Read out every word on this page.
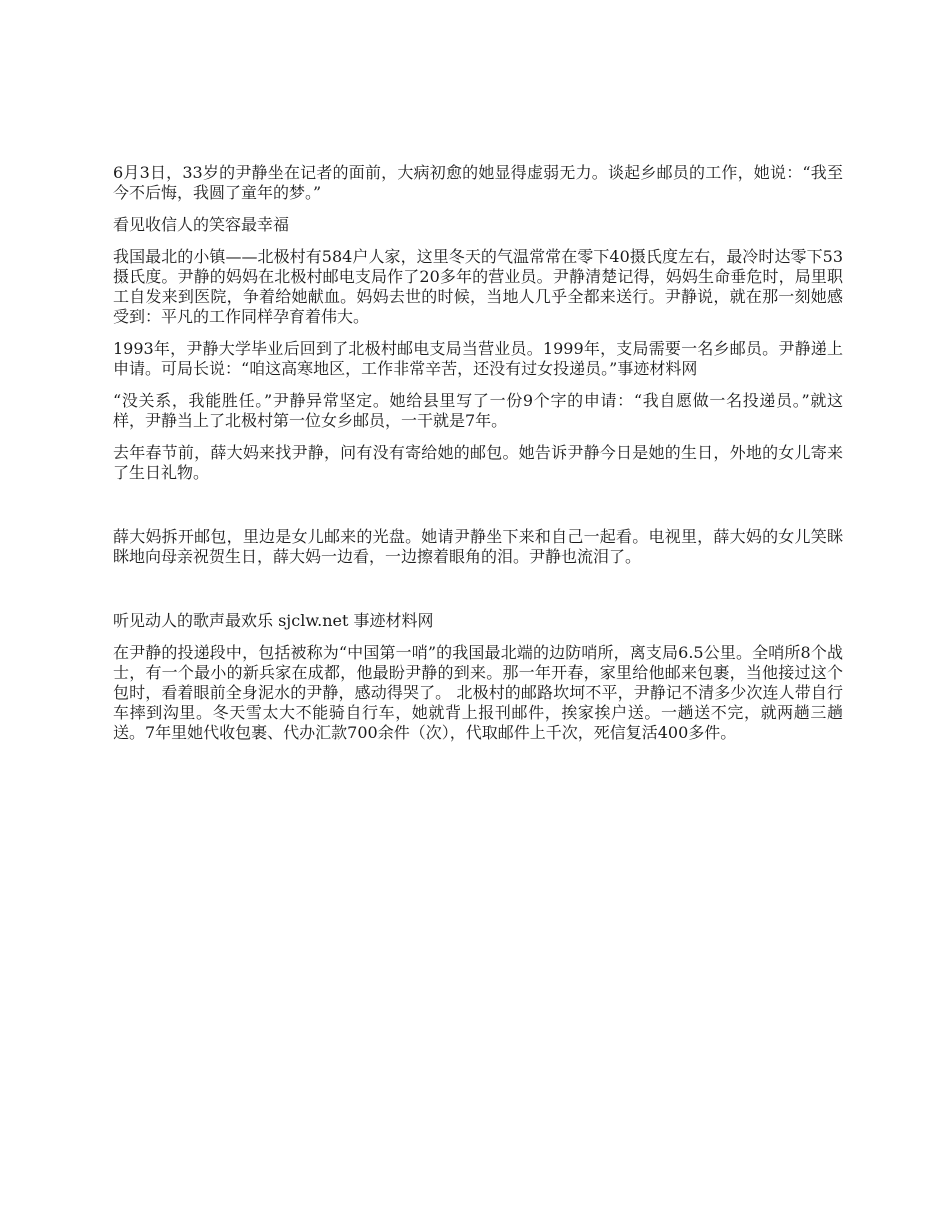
6月3日，33岁的尹静坐在记者的面前，大病初愈的她显得虚弱无力。谈起乡邮员的工作，她说：“我至今不后悔，我圆了童年的梦。”

看见收信人的笑容最幸福

我国最北的小镇——北极村有584户人家，这里冬天的气温常常在零下40摄氏度左右，最冷时达零下53摄氏度。尹静的妈妈在北极村邮电支局作了20多年的营业员。尹静清楚记得，妈妈生命垂危时，局里职工自发来到医院，争着给她献血。妈妈去世的时候，当地人几乎全都来送行。尹静说，就在那一刻她感受到：平凡的工作同样孕育着伟大。

1993年，尹静大学毕业后回到了北极村邮电支局当营业员。1999年，支局需要一名乡邮员。尹静递上申请。可局长说：“咱这高寒地区，工作非常辛苦，还没有过女投递员。”事迹材料网

“没关系，我能胜任。”尹静异常坚定。她给县里写了一份9个字的申请：“我自愿做一名投递员。”就这样，尹静当上了北极村第一位女乡邮员，一干就是7年。

去年春节前，薛大妈来找尹静，问有没有寄给她的邮包。她告诉尹静今日是她的生日，外地的女儿寄来了生日礼物。

薛大妈拆开邮包，里边是女儿邮来的光盘。她请尹静坐下来和自己一起看。电视里，薛大妈的女儿笑眯眯地向母亲祝贺生日，薛大妈一边看，一边擦着眼角的泪。尹静也流泪了。

听见动人的歌声最欢乐 sjclw.net 事迹材料网

在尹静的投递段中，包括被称为“中国第一哨”的我国最北端的边防哨所，离支局6.5公里。全哨所8个战士，有一个最小的新兵家在成都，他最盼尹静的到来。那一年开春，家里给他邮来包裹，当他接过这个包时，看着眼前全身泥水的尹静，感动得哭了。 北极村的邮路坎坷不平，尹静记不清多少次连人带自行车摔到沟里。冬天雪太大不能骑自行车，她就背上报刊邮件，挨家挨户送。一趟送不完，就两趟三趟送。7年里她代收包裹、代办汇款700余件（次），代取邮件上千次，死信复活400多件。
